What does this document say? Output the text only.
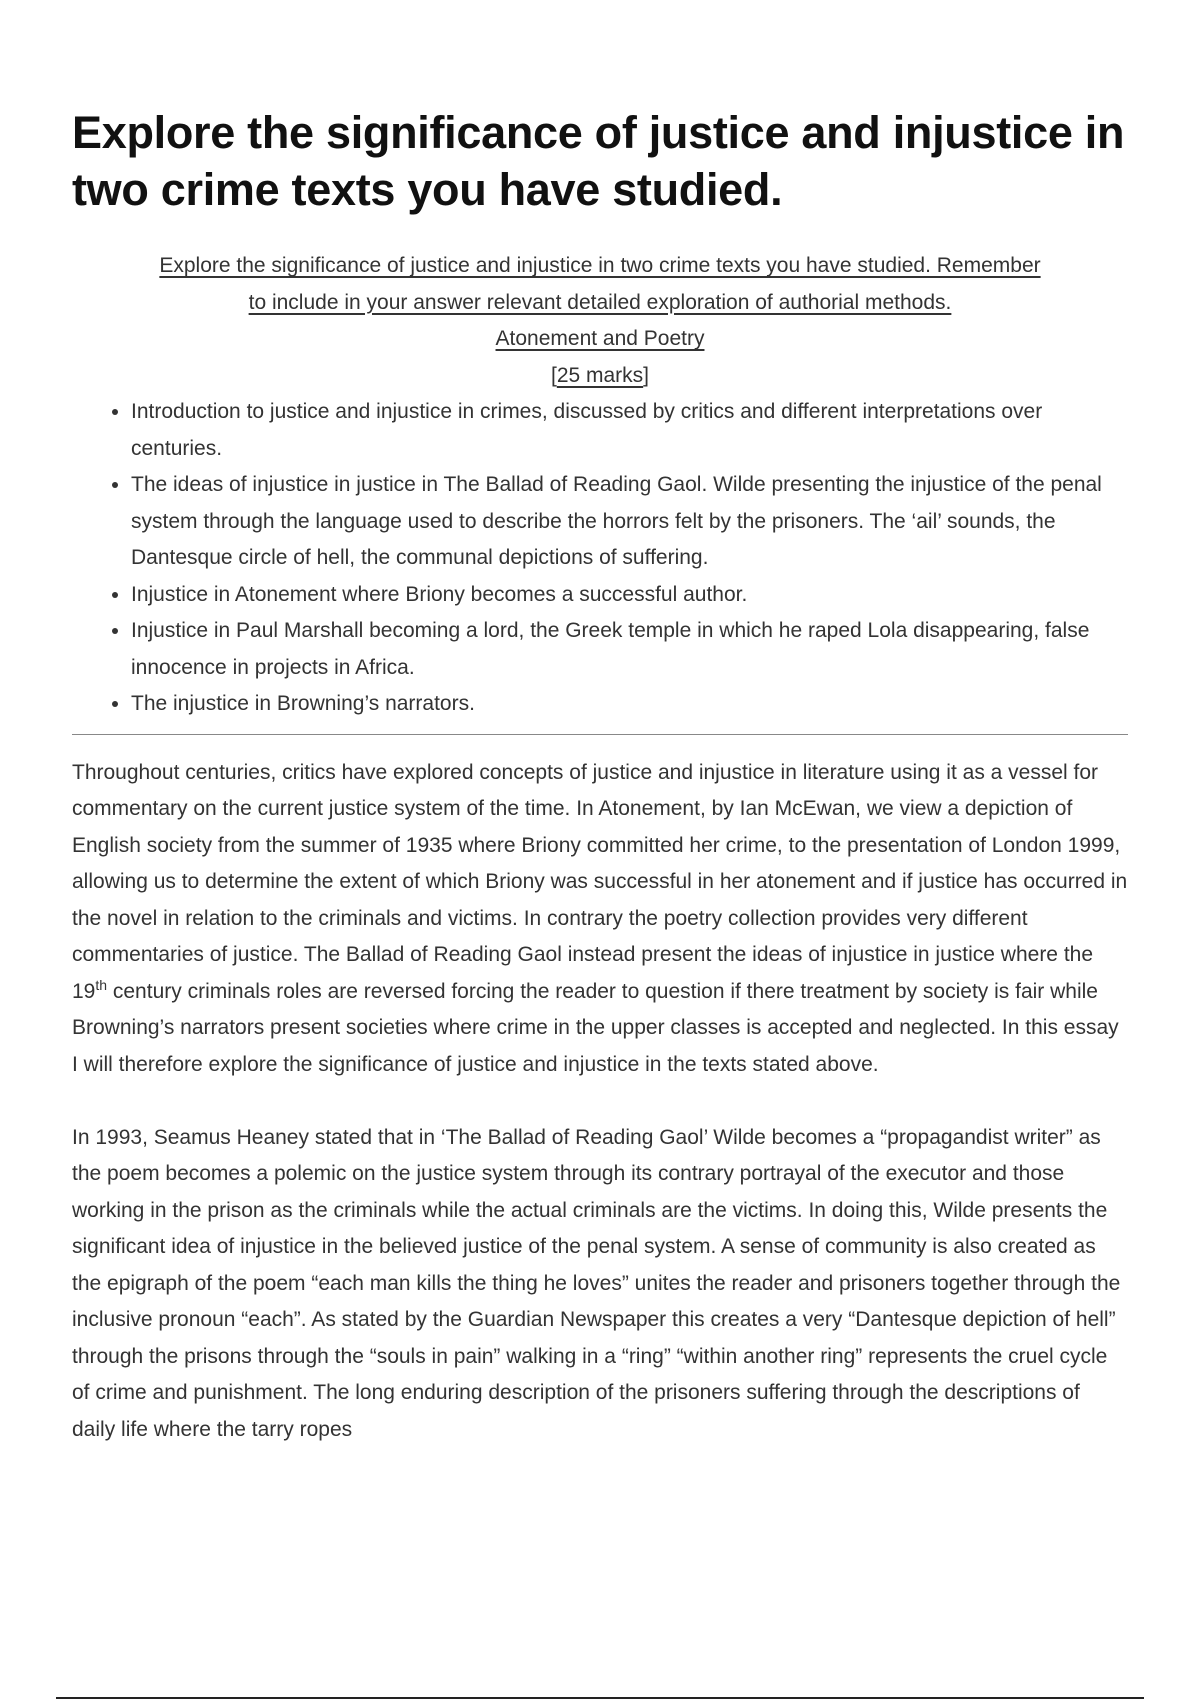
Explore the significance of justice and injustice in two crime texts you have studied.
Explore the significance of justice and injustice in two crime texts you have studied. Remember
to include in your answer relevant detailed exploration of authorial methods.
Atonement and Poetry
[25 marks]
• Introduction to justice and injustice in crimes, discussed by critics and different interpretations over centuries.
• The ideas of injustice in justice in The Ballad of Reading Gaol. Wilde presenting the injustice of the penal system through the language used to describe the horrors felt by the prisoners. The ‘ail’ sounds, the Dantesque circle of hell, the communal depictions of suffering.
• Injustice in Atonement where Briony becomes a successful author.
• Injustice in Paul Marshall becoming a lord, the Greek temple in which he raped Lola disappearing, false innocence in projects in Africa.
• The injustice in Browning’s narrators.

Throughout centuries, critics have explored concepts of justice and injustice in literature using it as a vessel for commentary on the current justice system of the time. In Atonement, by Ian McEwan, we view a depiction of English society from the summer of 1935 where Briony committed her crime, to the presentation of London 1999, allowing us to determine the extent of which Briony was successful in her atonement and if justice has occurred in the novel in relation to the criminals and victims. In contrary the poetry collection provides very different commentaries of justice. The Ballad of Reading Gaol instead present the ideas of injustice in justice where the 19th century criminals roles are reversed forcing the reader to question if there treatment by society is fair while Browning’s narrators present societies where crime in the upper classes is accepted and neglected. In this essay I will therefore explore the significance of justice and injustice in the texts stated above.

In 1993, Seamus Heaney stated that in ‘The Ballad of Reading Gaol’ Wilde becomes a “propagandist writer” as the poem becomes a polemic on the justice system through its contrary portrayal of the executor and those working in the prison as the criminals while the actual criminals are the victims. In doing this, Wilde presents the significant idea of injustice in the believed justice of the penal system. A sense of community is also created as the epigraph of the poem “each man kills the thing he loves” unites the reader and prisoners together through the inclusive pronoun “each”. As stated by the Guardian Newspaper this creates a very “Dantesque depiction of hell” through the prisons through the “souls in pain” walking in a “ring” “within another ring” represents the cruel cycle of crime and punishment. The long enduring description of the prisoners suffering through the descriptions of daily life where the tarry ropes
